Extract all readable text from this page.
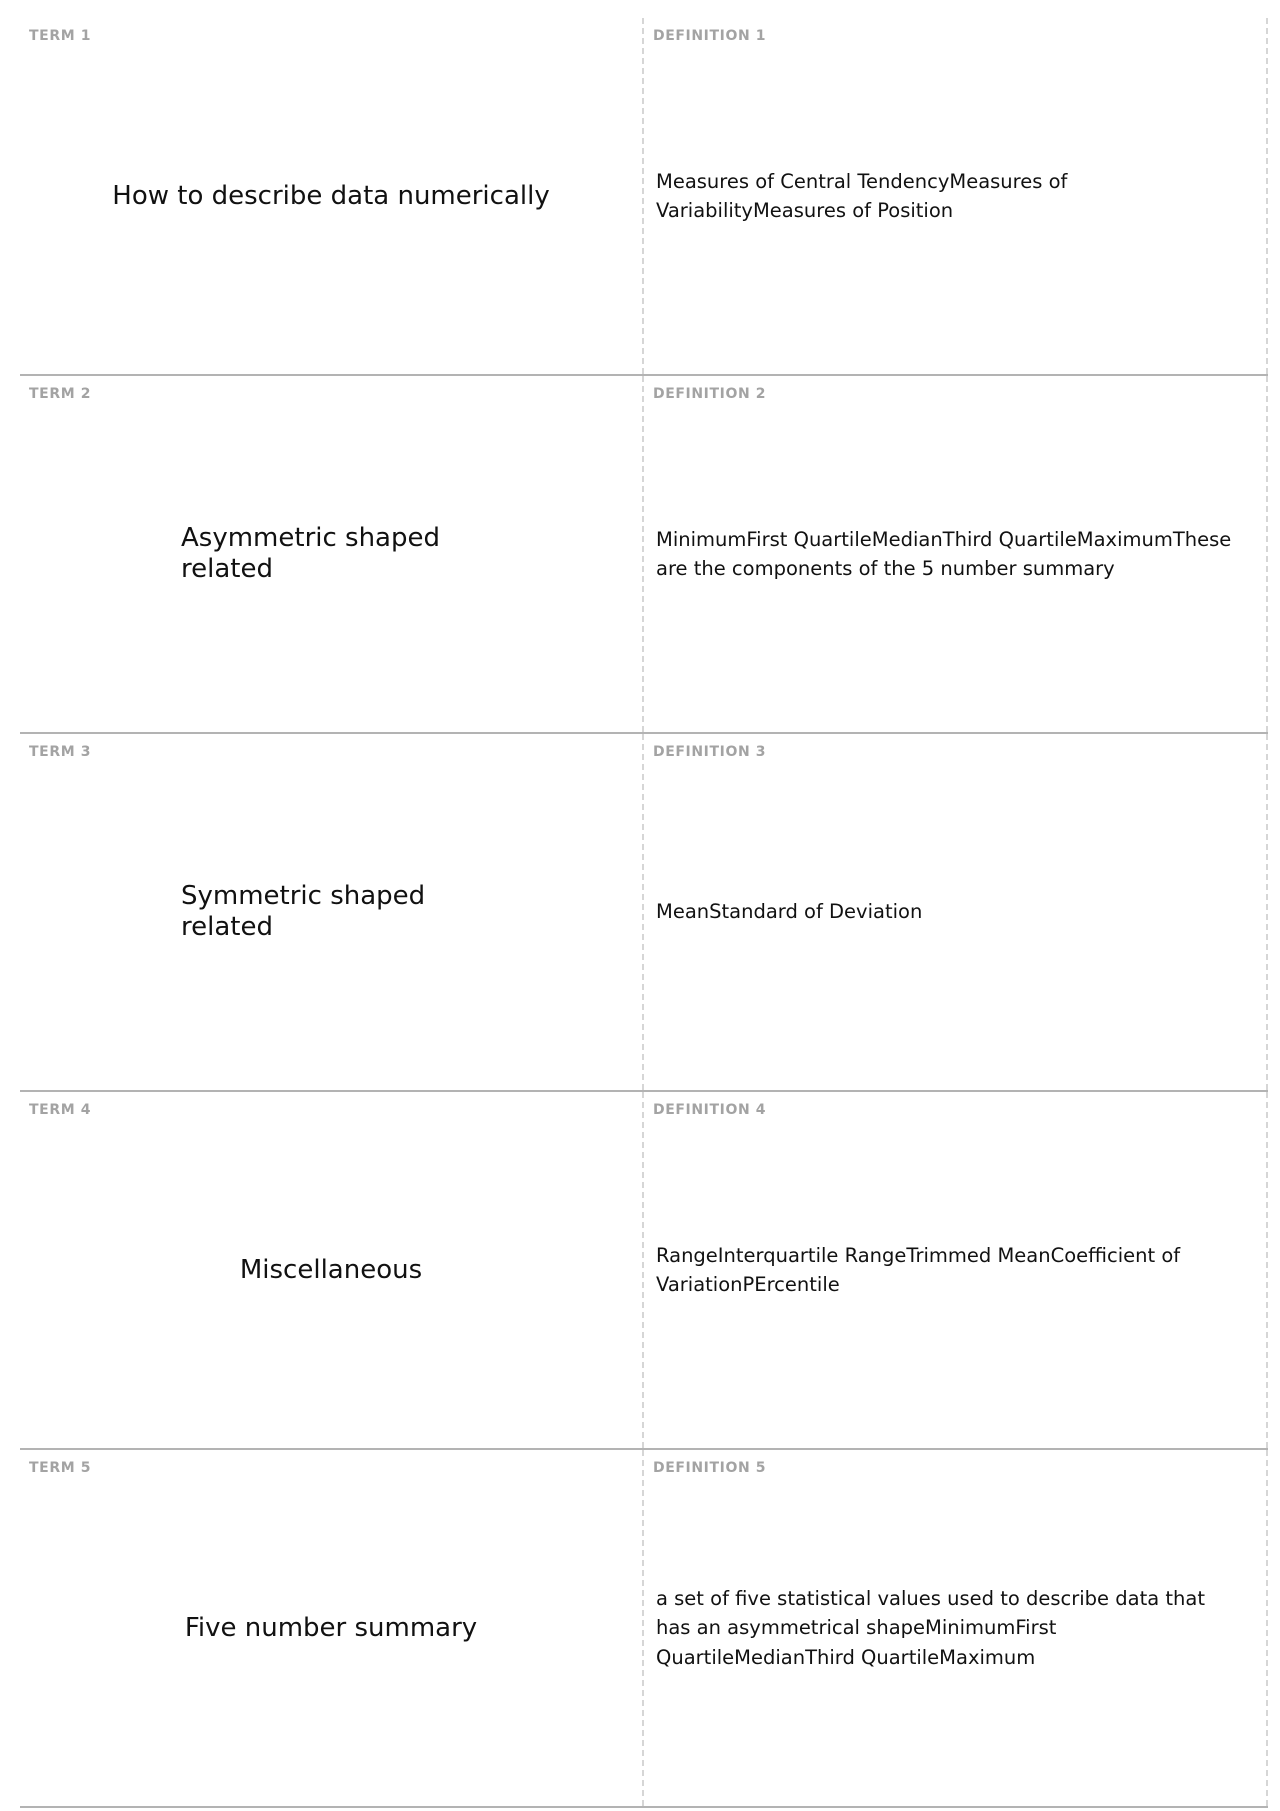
TERM 1
How to describe data numerically
DEFINITION 1
Measures of Central TendencyMeasures of VariabilityMeasures of Position
TERM 2
Asymmetric shaped related
DEFINITION 2
MinimumFirst QuartileMedianThird QuartileMaximumThese are the components of the 5 number summary
TERM 3
Symmetric shaped related
DEFINITION 3
MeanStandard of Deviation
TERM 4
Miscellaneous
DEFINITION 4
RangeInterquartile RangeTrimmed MeanCoefficient of VariationPErcentile
TERM 5
Five number summary
DEFINITION 5
a set of five statistical values used to describe data that has an asymmetrical shapeMinimumFirst QuartileMedianThird QuartileMaximum
